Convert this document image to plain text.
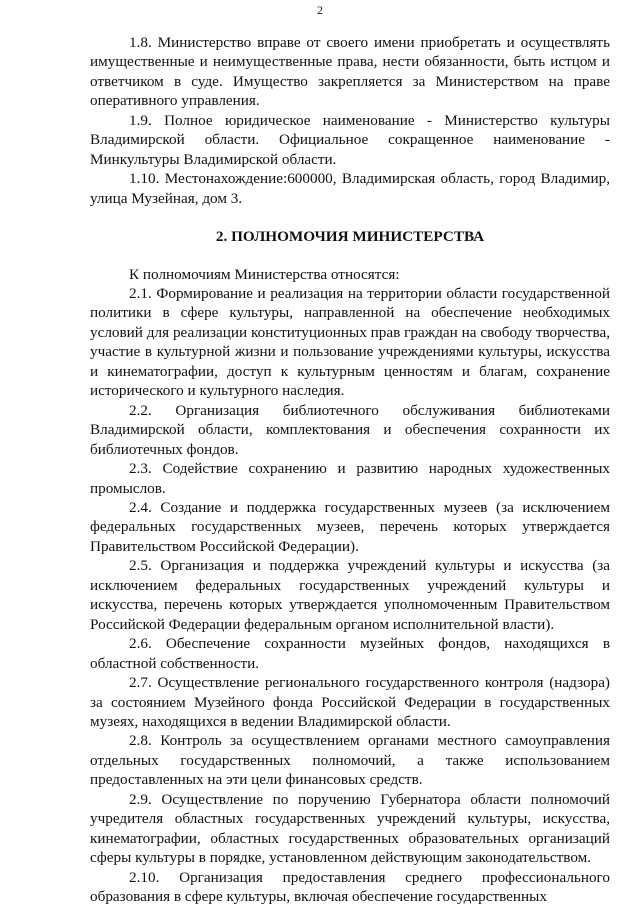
2

1.8. Министерство вправе от своего имени приобретать и осуществлять имущественные и неимущественные права, нести обязанности, быть истцом и ответчиком в суде. Имущество закрепляется за Министерством на праве оперативного управления.

1.9. Полное юридическое наименование - Министерство культуры Владимирской области. Официальное сокращенное наименование - Минкультуры Владимирской области.

1.10. Местонахождение:600000, Владимирская область, город Владимир, улица Музейная, дом 3.

2. ПОЛНОМОЧИЯ МИНИСТЕРСТВА

К полномочиям Министерства относятся:

2.1. Формирование и реализация на территории области государственной политики в сфере культуры, направленной на обеспечение необходимых условий для реализации конституционных прав граждан на свободу творчества, участие в культурной жизни и пользование учреждениями культуры, искусства и кинематографии, доступ к культурным ценностям и благам, сохранение исторического и культурного наследия.

2.2. Организация библиотечного обслуживания библиотеками Владимирской области, комплектования и обеспечения сохранности их библиотечных фондов.

2.3. Содействие сохранению и развитию народных художественных промыслов.

2.4. Создание и поддержка государственных музеев (за исключением федеральных государственных музеев, перечень которых утверждается Правительством Российской Федерации).

2.5. Организация и поддержка учреждений культуры и искусства (за исключением федеральных государственных учреждений культуры и искусства, перечень которых утверждается уполномоченным Правительством Российской Федерации федеральным органом исполнительной власти).

2.6. Обеспечение сохранности музейных фондов, находящихся в областной собственности.

2.7. Осуществление регионального государственного контроля (надзора) за состоянием Музейного фонда Российской Федерации в государственных музеях, находящихся в ведении Владимирской области.

2.8. Контроль за осуществлением органами местного самоуправления отдельных государственных полномочий, а также использованием предоставленных на эти цели финансовых средств.

2.9. Осуществление по поручению Губернатора области полномочий учредителя областных государственных учреждений культуры, искусства, кинематографии, областных государственных образовательных организаций сферы культуры в порядке, установленном действующим законодательством.

2.10. Организация предоставления среднего профессионального образования в сфере культуры, включая обеспечение государственных
